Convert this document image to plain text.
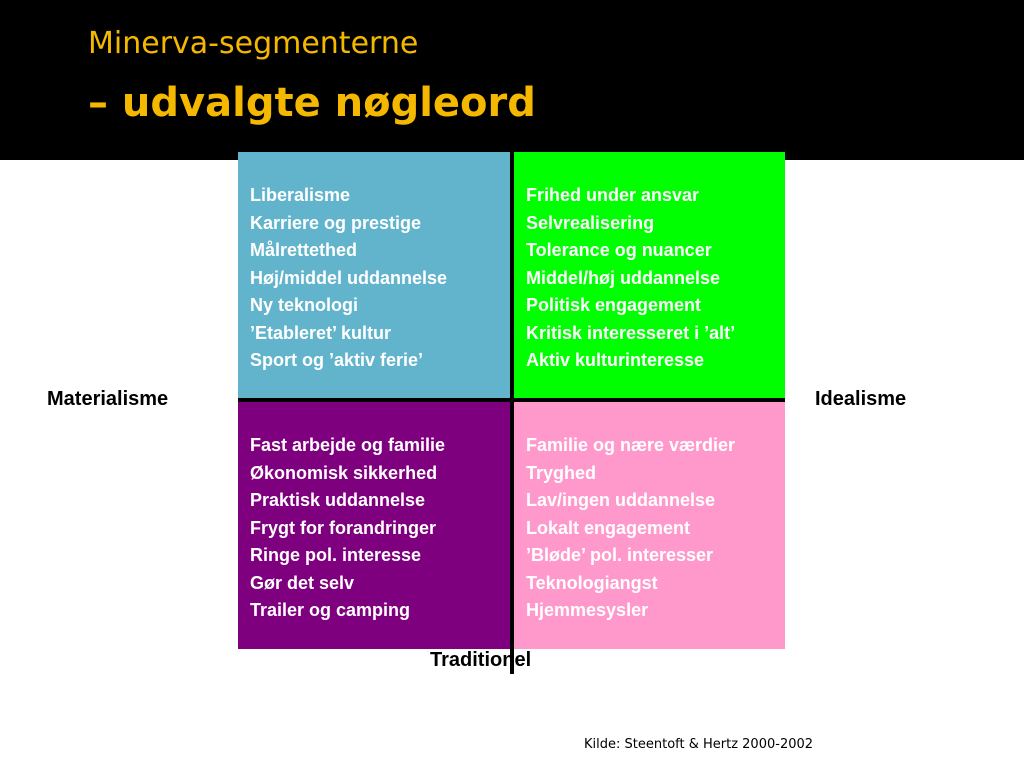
Minerva-segmenterne
– udvalgte nøgleord
Liberalisme
Karriere og prestige
Målrettethed
Høj/middel uddannelse
Ny teknologi
’Etableret’ kultur
Sport og ’aktiv ferie’
Frihed under ansvar
Selvrealisering
Tolerance og nuancer
Middel/høj uddannelse
Politisk engagement
Kritisk interesseret i ’alt’
Aktiv kulturinteresse
Fast arbejde og familie
Økonomisk sikkerhed
Praktisk uddannelse
Frygt for forandringer
Ringe pol. interesse
Gør det selv
Trailer og camping
Familie og nære værdier
Tryghed
Lav/ingen uddannelse
Lokalt engagement
’Bløde’ pol. interesser
Teknologiangst
Hjemmesysler
Materialisme	Idealisme
Traditionel
Kilde: Steentoft & Hertz 2000-2002
